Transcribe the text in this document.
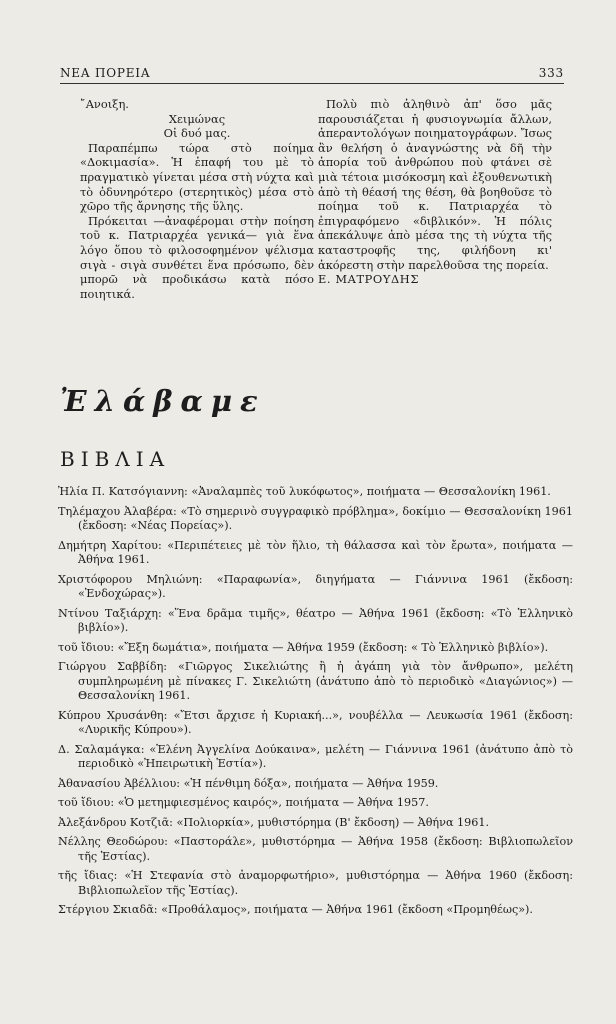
ΝΕΑ ΠΟΡΕΙΑ	333

῎Ανοιξη.

Χειμώνας

Οἱ δυό μας.

Παραπέμπω τώρα στὸ ποίημα «Δοκιμασία». Ἡ ἐπαφή του μὲ τὸ πραγματικὸ γίνεται μέσα στὴ νύχτα καὶ τὸ ὀδυνηρότερο (στερητικὸς) μέσα στὸ χῶρο τῆς ἄρνησης τῆς ὕλης.

Πρόκειται —ἀναφέρομαι στὴν ποίηση τοῦ κ. Πατριαρχέα γενικά— γιὰ ἕνα λόγο ὅπου τὸ φιλοσοφημένον ψέλισμα σιγὰ - σιγὰ συνθέτει ἕνα πρόσωπο, δὲν μπορῶ νὰ προδικάσω κατὰ πόσο ποιητικά.

Πολὺ πιὸ ἀληθινὸ ἀπ' ὅσο μᾶς παρουσιάζεται ἡ φυσιογνωμία ἄλλων, ἀπεραντολόγων ποιηματογράφων. Ἴσως ἂν θελήση ὁ ἀναγνώστης νὰ δῆ τὴν ἀπορία τοῦ ἀνθρώπου ποὺ φτάνει σὲ μιὰ τέτοια μισόκοσμη καὶ ἐξουθενωτικὴ ἀπὸ τὴ θέασή της θέση, θὰ βοηθοῦσε τὸ ποίημα τοῦ κ. Πατριαρχέα τὸ ἐπιγραφόμενο «διβλικόν». Ἡ πόλις ἀπεκάλυψε ἀπὸ μέσα της τὴ νύχτα τῆς καταστροφῆς της, φιλήδονη κι' ἀκόρεστη στὴν παρελθοῦσα της πορεία.

Ε. ΜΑΤΡΟΥΔΗΣ

Ἐλάβαμε
ΒΙΒΛΙΑ

Ἠλία Π. Κατσόγιαννη: «Ἀναλαμπὲς τοῦ λυκόφωτος», ποιήματα — Θεσσαλονίκη 1961.

Τηλέμαχου Ἀλαβέρα: «Τὸ σημερινὸ συγγραφικὸ πρόβλημα», δοκίμιο — Θεσσαλονίκη 1961 (ἔκδοση: «Νέας Πορείας»).

Δημήτρη Χαρίτου: «Περιπέτειες μὲ τὸν ἥλιο, τὴ θάλασσα καὶ τὸν ἔρωτα», ποιήματα — Ἀθήνα 1961.

Χριστόφορου Μηλιώνη: «Παραφωνία», διηγήματα — Γιάννινα 1961 (ἔκδοση: «Ἐνδοχώρας»).

Ντίνου Ταξιάρχη: «Ἕνα δρᾶμα τιμῆς», θέατρο — Ἀθήνα 1961 (ἔκδοση: «Τὸ Ἑλληνικὸ βιβλίο»).

τοῦ ἴδιου: «Ἔξη δωμάτια», ποιήματα — Ἀθήνα 1959 (ἔκδοση: « Τὸ Ἑλληνικὸ βιβλίο»).

Γιώργου Σαββίδη: «Γιῶργος Σικελιώτης ἢ ἡ ἀγάπη γιὰ τὸν ἄνθρωπο», μελέτη συμπληρωμένη μὲ πίνακες Γ. Σικελιώτη (ἀνάτυπο ἀπὸ τὸ περιοδικὸ «Διαγώνιος») — Θεσσαλονίκη 1961.

Κύπρου Χρυσάνθη: «Ἔτσι ἄρχισε ἡ Κυριακή...», νουβέλλα — Λευκωσία 1961 (ἔκδοση: «Λυρικῆς Κύπρου»).

Δ. Σαλαμάγκα: «Ἑλένη Ἀγγελίνα Δούκαινα», μελέτη — Γιάννινα 1961 (ἀνάτυπο ἀπὸ τὸ περιοδικὸ «Ἠπειρωτικὴ Ἑστία»).

Ἀθανασίου Ἀβέλλιου: «Ἡ πένθιμη δόξα», ποιήματα — Ἀθήνα 1959.

τοῦ ἴδιου: «Ὁ μετημφιεσμένος καιρός», ποιήματα — Ἀθήνα 1957.

Ἀλεξάνδρου Κοτζιᾶ: «Πολιορκία», μυθιστόρημα (Β' ἔκδοση) — Ἀθήνα 1961.

Νέλλης Θεοδώρου: «Παστοράλε», μυθιστόρημα — Ἀθήνα 1958 (ἔκδοση: Βιβλιοπωλεῖον τῆς Ἑστίας).

τῆς ἴδιας: «Ἡ Στεφανία στὸ ἀναμορφωτήριο», μυθιστόρημα — Ἀθήνα 1960 (ἔκδοση: Βιβλιοπωλεῖον τῆς Ἑστίας).

Στέργιου Σκιαδᾶ: «Προθάλαμος», ποιήματα — Ἀθήνα 1961 (ἔκδοση «Προμηθέως»).
